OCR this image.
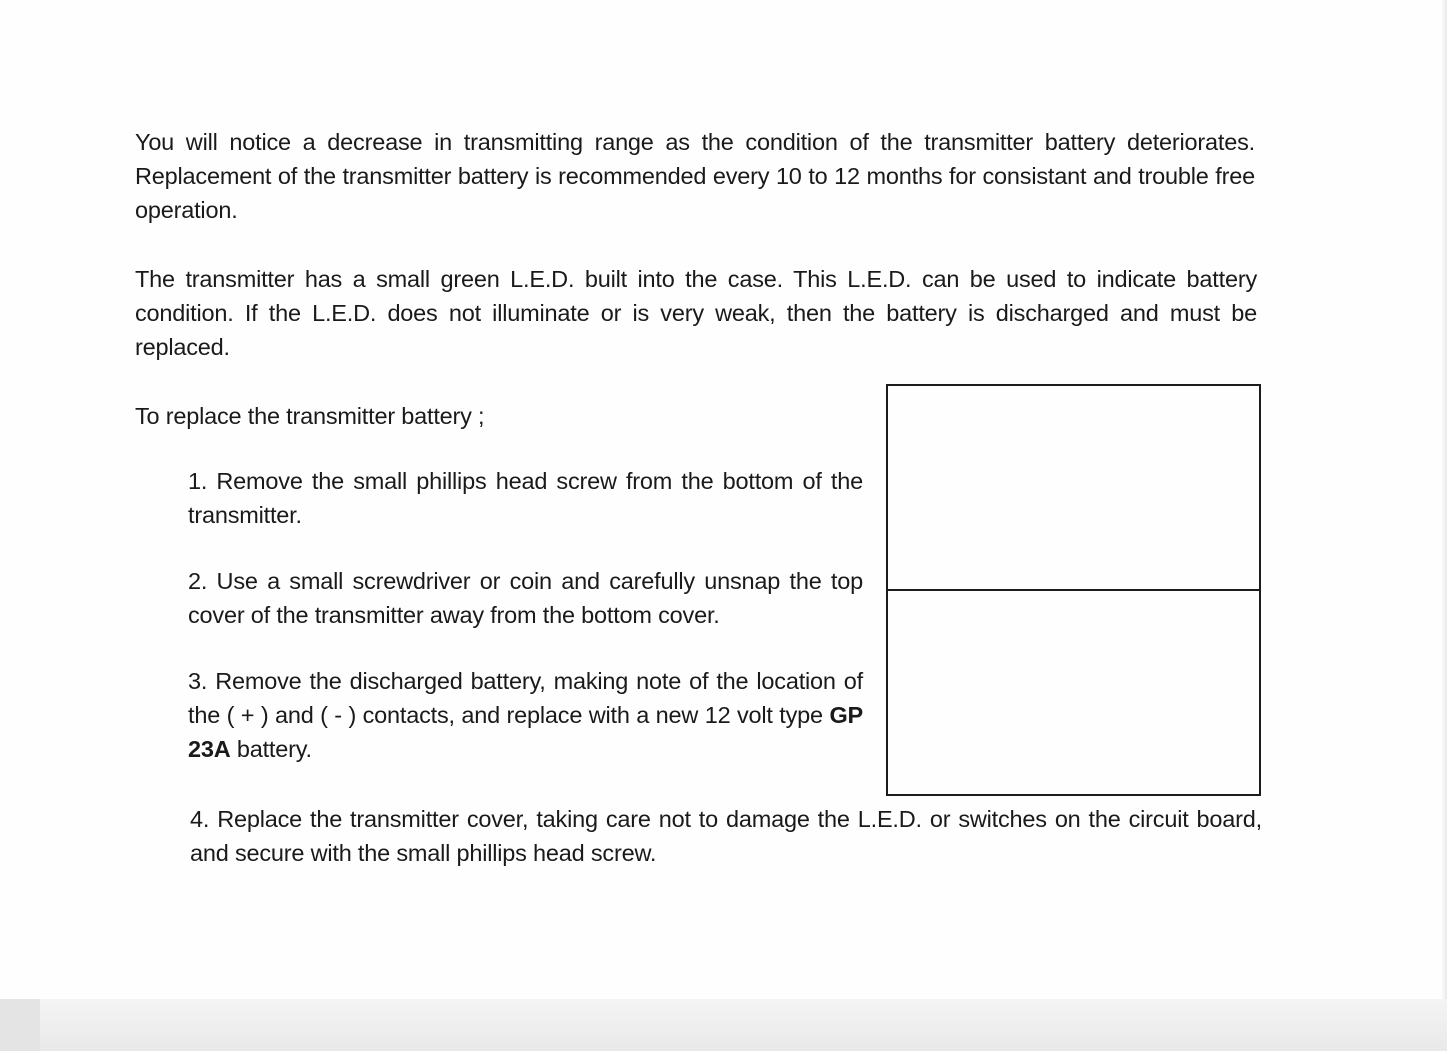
You will notice a decrease in transmitting range as the condition of the transmitter battery deteriorates. Replacement of the transmitter battery is recommended every 10 to 12 months for consistant and trouble free operation.

The transmitter has a small green L.E.D. built into the case. This L.E.D. can be used to indicate battery condition. If the L.E.D. does not illuminate or is very weak, then the battery is discharged and must be replaced.

To replace the transmitter battery ;

1. Remove the small phillips head screw from the bottom of the transmitter.

2. Use a small screwdriver or coin and carefully unsnap the top cover of the transmitter away from the bottom cover.

3. Remove the discharged battery, making note of the location of the ( + ) and ( - ) contacts, and replace with a new 12 volt type GP 23A battery.

4. Replace the transmitter cover, taking care not to damage the L.E.D. or switches on the circuit board, and secure with the small phillips head screw.
